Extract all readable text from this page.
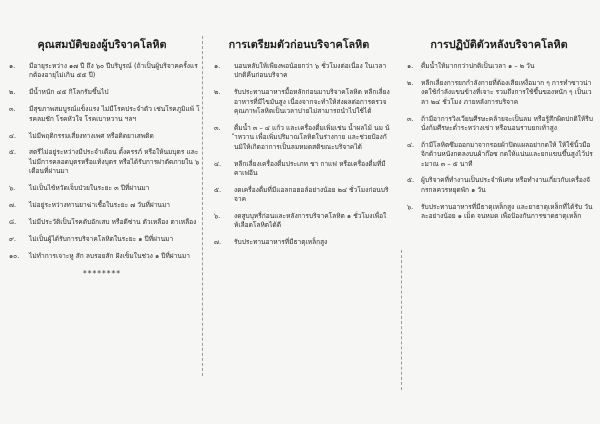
คุณสมบัติของผู้บริจาคโลหิต
๑.	มีอายุระหว่าง ๑๗ ปี ถึง ๖๐ ปีบริบูรณ์ (ถ้าเป็นผู้บริจาคครั้งแรกต้องอายุไม่เกิน ๕๕ ปี)
๒.	มีน้ำหนัก ๔๕ กิโลกรัมขึ้นไป
๓.	มีสุขภาพสมบูรณ์แข็งแรง ไม่มีโรคประจำตัว เช่นโรคภูมิแพ้ โรคลมชัก โรคหัวใจ โรคเบาหวาน ฯลฯ
๔.	ไม่มีพฤติกรรมเสี่ยงทางเพศ หรือติดยาเสพติด
๕.	สตรีไม่อยู่ระหว่างมีประจำเดือน ตั้งครรภ์ หรือให้นมบุตร และไม่มีการคลอดบุตรหรือแท้งบุตร หรือได้รับการผ่าตัดภายใน ๖ เดือนที่ผ่านมา
๖.	ไม่เป็นไข้หวัดเจ็บป่วยในระยะ ๓ ปีที่ผ่านมา
๗.	ไม่อยู่ระหว่างทานยาฆ่าเชื้อในระยะ ๗ วันที่ผ่านมา
๘.	ไม่มีประวัติเป็นโรคตับอักเสบ หรือดีซ่าน ตัวเหลือง ตาเหลือง
๙.	ไม่เป็นผู้ได้รับการบริจาคโลหิตในระยะ ๑ ปีที่ผ่านมา
๑๐.	ไม่ทำการเจาะหู สัก ลบรอยสัก ฝังเข็มในช่วง ๑ ปีที่ผ่านมา
********
การเตรียมตัวก่อนบริจาคโลหิต
๑.	นอนหลับให้เพียงพอน้อยกว่า ๖ ชั่วโมงต่อเนื่อง ในเวลาปกติคืนก่อนบริจาค
๒.	รับประทานอาหารมื้อหลักก่อนมาบริจาคโลหิต หลีกเลี่ยงอาหารที่มีไขมันสูง เนื่องจากจะทำให้ส่งผลต่อการตรวจคุณภาพโลหิตเป็นเวลาบ่ายไม่สามารถนำไปใช้ได้
๓.	ดื่มน้ำ ๓ – ๔ แก้ว และเครื่องดื่มเพิ่มเช่น น้ำผลไม้ นม น้ำหวาน เพื่อเพิ่มปริมาณโลหิตในร่างกาย และช่วยป้องกันมิให้เกิดอาการเป็นลมหมดสติขณะบริจาคได้
๔.	หลีกเลี่ยงเครื่องดื่มประเภท ชา กาแฟ หรือเครื่องดื่มที่มีคาเฟอีน
๕.	งดเครื่องดื่มที่มีแอลกอฮอล์อย่างน้อย ๒๔ ชั่วโมงก่อนบริจาค
๖.	งดสูบบุหรี่ก่อนและหลังการบริจาคโลหิต ๑ ชั่วโมงเพื่อให้เลือดโลหิตได้ดี
๗.	รับประทานอาหารที่มีธาตุเหล็กสูง
การปฏิบัติตัวหลังบริจาคโลหิต
๑.	ดื่มน้ำให้มากกว่าปกติเป็นเวลา ๑ – ๒ วัน
๒.	หลีกเลี่ยงการยกกำลังกายที่ต้องเสียเหงื่อมาก ๆ การทำซาวน่า งดใช้กำลังแขนข้างที่เจาะ รวมถึงการใช้ขึ้นของหนัก ๆ เป็นเวลา ๒๔ ชั่วโมง ภายหลังการบริจาค
๓.	ถ้ามีอาการวิงเวียนศีรษะคล้ายจะเป็นลม หรือรู้สึกผิดปกติให้รีบนั่งก้มศีรษะต่ำระหว่างเข่า หรือนอนราบยกเท้าสูง
๔.	ถ้ามีโลหิตซึมออกมาจากรอยผ้าปิดแผลอย่ากดให้ ให้ใช้นิ้วมือจิกด้านหนังกดลงบนผ้าก๊อซ กดให้แน่นและยกแขนขึ้นสูงไว้ประมาณ ๓ – ๕ นาที
๕.	ผู้บริจาคที่ทำงานเป็นประจำพิเศษ หรือทำงานเกี่ยวกับเครื่องจักรกลควรหยุดพัก ๑ วัน
๖.	รับประทานอาหารที่มีธาตุเหล็กสูง และยาธาตุเหล็กที่ได้รับ วันละอย่างน้อย ๑ เม็ด จนหมด เพื่อป้องกันการขาดธาตุเหล็ก
